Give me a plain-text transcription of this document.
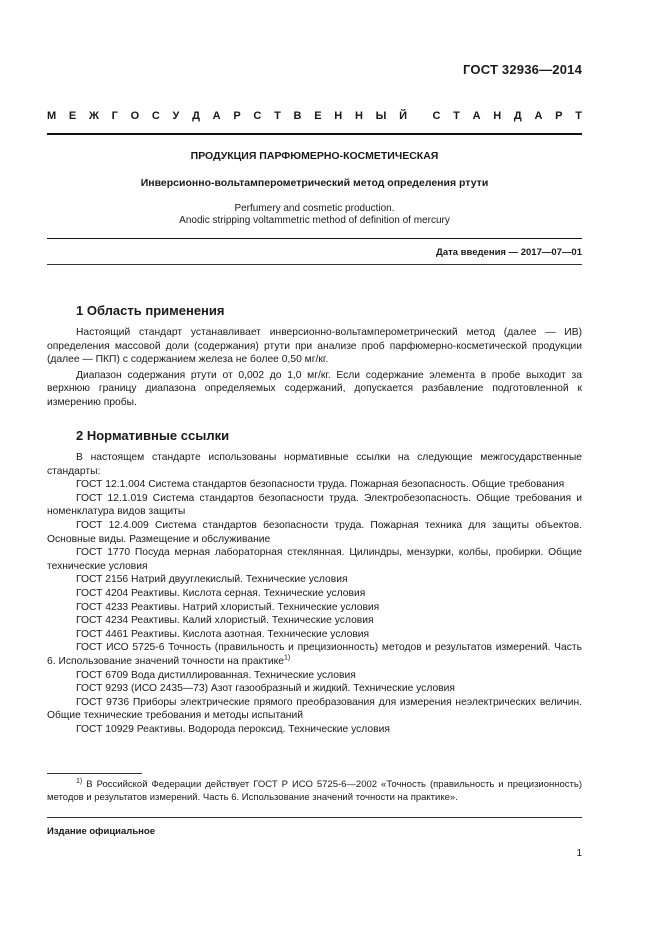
ГОСТ 32936—2014
М Е Ж Г О С У Д А Р С Т В Е Н Н Ы Й С Т А Н Д А Р Т
ПРОДУКЦИЯ ПАРФЮМЕРНО-КОСМЕТИЧЕСКАЯ
Инверсионно-вольтамперометрический метод определения ртути
Perfumery and cosmetic production.
Anodic stripping voltammetric method of definition of mercury
Дата введения — 2017—07—01
1 Область применения

Настоящий стандарт устанавливает инверсионно-вольтамперометрический метод (далее — ИВ) определения массовой доли (содержания) ртути при анализе проб парфюмерно-косметической продукции (далее — ПКП) с содержанием железа не более 0,50 мг/кг.

Диапазон содержания ртути от 0,002 до 1,0 мг/кг. Если содержание элемента в пробе выходит за верхнюю границу диапазона определяемых содержаний, допускается разбавление подготовленной к измерению пробы.

2 Нормативные ссылки

В настоящем стандарте использованы нормативные ссылки на следующие межгосударственные стандарты:

ГОСТ 12.1.004 Система стандартов безопасности труда. Пожарная безопасность. Общие требования

ГОСТ 12.1.019 Система стандартов безопасности труда. Электробезопасность. Общие требования и номенклатура видов защиты

ГОСТ 12.4.009 Система стандартов безопасности труда. Пожарная техника для защиты объектов. Основные виды. Размещение и обслуживание

ГОСТ 1770 Посуда мерная лабораторная стеклянная. Цилиндры, мензурки, колбы, пробирки. Общие технические условия

ГОСТ 2156 Натрий двууглекислый. Технические условия

ГОСТ 4204 Реактивы. Кислота серная. Технические условия

ГОСТ 4233 Реактивы. Натрий хлористый. Технические условия

ГОСТ 4234 Реактивы. Калий хлористый. Технические условия

ГОСТ 4461 Реактивы. Кислота азотная. Технические условия

ГОСТ ИСО 5725-6 Точность (правильность и прецизионность) методов и результатов измерений. Часть 6. Использование значений точности на практике$^{1)}$

ГОСТ 6709 Вода дистиллированная. Технические условия

ГОСТ 9293 (ИСО 2435—73) Азот газообразный и жидкий. Технические условия

ГОСТ 9736 Приборы электрические прямого преобразования для измерения неэлектрических величин. Общие технические требования и методы испытаний

ГОСТ 10929 Реактивы. Водорода пероксид. Технические условия

$^{1)}$ В Российской Федерации действует ГОСТ Р ИСО 5725-6—2002 «Точность (правильность и прецизионность) методов и результатов измерений. Часть 6. Использование значений точности на практике».

Издание официальное
1
